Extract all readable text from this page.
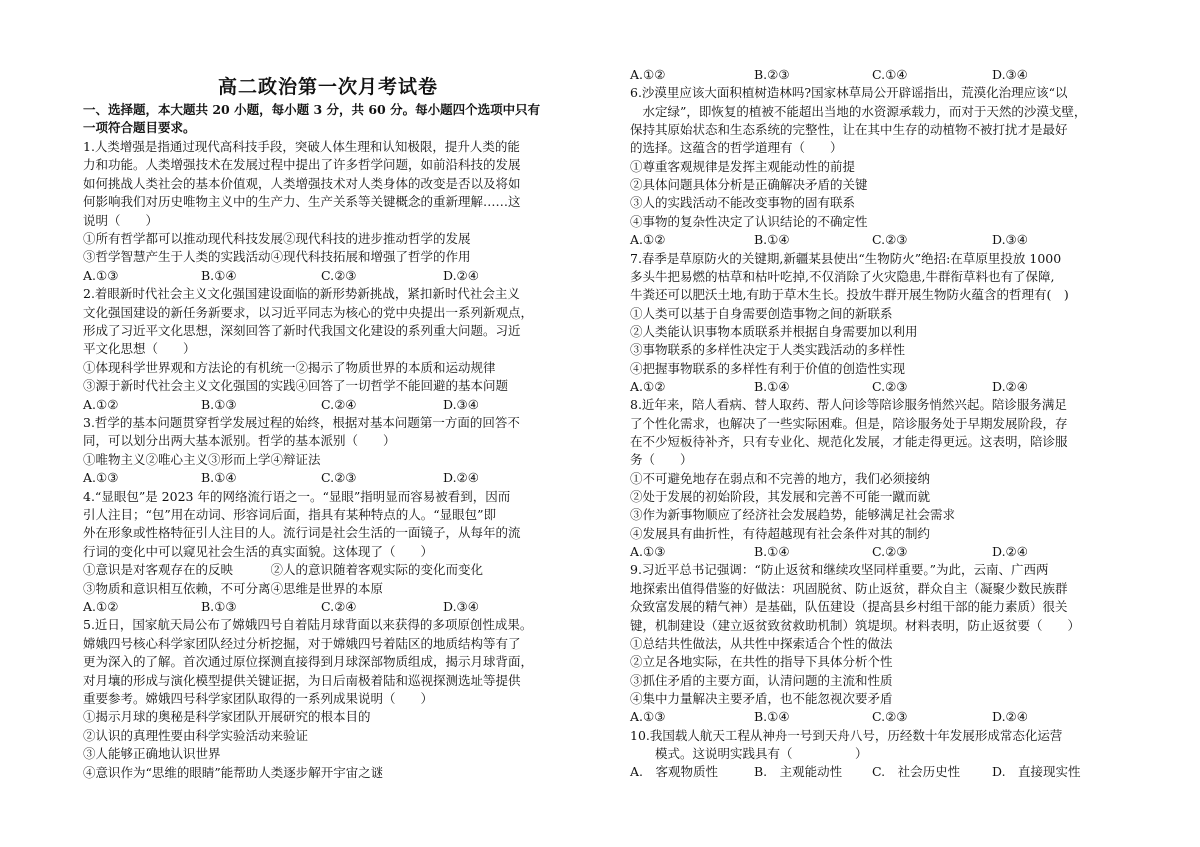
高二政治第一次月考试卷
一、选择题，本大题共 20 小题，每小题 3 分，共 60 分。每小题四个选项中只有
一项符合题目要求。
1.人类增强是指通过现代高科技手段，突破人体生理和认知极限，提升人类的能
力和功能。人类增强技术在发展过程中提出了许多哲学问题，如前沿科技的发展
如何挑战人类社会的基本价值观，人类增强技术对人类身体的改变是否以及将如
何影响我们对历史唯物主义中的生产力、生产关系等关键概念的重新理解……这
说明（　　）
①所有哲学都可以推动现代科技发展②现代科技的进步推动哲学的发展
③哲学智慧产生于人类的实践活动④现代科技拓展和增强了哲学的作用
A.①③	B.①④	C.②③	D.②④
2.着眼新时代社会主义文化强国建设面临的新形势新挑战，紧扣新时代社会主义
文化强国建设的新任务新要求，以习近平同志为核心的党中央提出一系列新观点，
形成了习近平文化思想，深刻回答了新时代我国文化建设的系列重大问题。习近
平文化思想（　　）
①体现科学世界观和方法论的有机统一②揭示了物质世界的本质和运动规律
③源于新时代社会主义文化强国的实践④回答了一切哲学不能回避的基本问题
A.①②	B.①③	C.②④	D.③④
3.哲学的基本问题贯穿哲学发展过程的始终，根据对基本问题第一方面的回答不
同，可以划分出两大基本派别。哲学的基本派别（　　）
①唯物主义②唯心主义③形而上学④辩证法
A.①③	B.①④	C.②③	D.②④
4.“显眼包”是 2023 年的网络流行语之一。“显眼”指明显而容易被看到，因而
引人注目；“包”用在动词、形容词后面，指具有某种特点的人。“显眼包”即
外在形象或性格特征引人注目的人。流行词是社会生活的一面镜子，从每年的流
行词的变化中可以窥见社会生活的真实面貌。这体现了（　　）
①意识是对客观存在的反映　　　②人的意识随着客观实际的变化而变化
③物质和意识相互依赖，不可分离④思维是世界的本原
A.①②	B.①③	C.②④	D.③④
5.近日，国家航天局公布了嫦娥四号自着陆月球背面以来获得的多项原创性成果。
嫦娥四号核心科学家团队经过分析挖掘，对于嫦娥四号着陆区的地质结构等有了
更为深入的了解。首次通过原位探测直接得到月球深部物质组成，揭示月球背面，
对月壤的形成与演化模型提供关键证据，为日后南极着陆和巡视探测选址等提供
重要参考。嫦娥四号科学家团队取得的一系列成果说明（　　）
①揭示月球的奥秘是科学家团队开展研究的根本目的
②认识的真理性要由科学实验活动来验证
③人能够正确地认识世界
④意识作为“思维的眼睛”能帮助人类逐步解开宇宙之谜
A.①②	B.②③	C.①④	D.③④
6.沙漠里应该大面积植树造林吗?国家林草局公开辟谣指出，荒漠化治理应该“以
　水定绿”，即恢复的植被不能超出当地的水资源承载力，而对于天然的沙漠戈壁，
保持其原始状态和生态系统的完整性，让在其中生存的动植物不被打扰才是最好
的选择。这蕴含的哲学道理有（　　）
①尊重客观规律是发挥主观能动性的前提
②具体问题具体分析是正确解决矛盾的关键
③人的实践活动不能改变事物的固有联系
④事物的复杂性决定了认识结论的不确定性
A.①②	B.①④	C.②③	D.③④
7.春季是草原防火的关键期,新疆某县使出“生物防火”绝招:在草原里投放 1000
多头牛把易燃的枯草和枯叶吃掉,不仅消除了火灾隐患,牛群衔草料也有了保障,
牛粪还可以肥沃土地,有助于草木生长。投放牛群开展生物防火蕴含的哲理有(　)
①人类可以基于自身需要创造事物之间的新联系
②人类能认识事物本质联系并根据自身需要加以利用
③事物联系的多样性决定于人类实践活动的多样性
④把握事物联系的多样性有利于价值的创造性实现
A.①②	B.①④	C.②③	D.②④
8.近年来，陪人看病、替人取药、帮人问诊等陪诊服务悄然兴起。陪诊服务满足
了个性化需求，也解决了一些实际困难。但是，陪诊服务处于早期发展阶段，存
在不少短板待补齐，只有专业化、规范化发展，才能走得更远。这表明，陪诊服
务（　　）
①不可避免地存在弱点和不完善的地方，我们必须接纳
②处于发展的初始阶段，其发展和完善不可能一蹴而就
③作为新事物顺应了经济社会发展趋势，能够满足社会需求
④发展具有曲折性，有待超越现有社会条件对其的制约
A.①③	B.①④	C.②③	D.②④
9.习近平总书记强调：“防止返贫和继续攻坚同样重要。”为此，云南、广西两
地探索出值得借鉴的好做法：巩固脱贫、防止返贫，群众自主（凝聚少数民族群
众致富发展的精气神）是基础，队伍建设（提高县乡村组干部的能力素质）很关
键，机制建设（建立返贫致贫救助机制）筑堤坝。材料表明，防止返贫要（　　）
①总结共性做法，从共性中探索适合个性的做法
②立足各地实际，在共性的指导下具体分析个性
③抓住矛盾的主要方面，认清问题的主流和性质
④集中力量解决主要矛盾，也不能忽视次要矛盾
A.①③	B.①④	C.②③	D.②④
10.我国载人航天工程从神舟一号到天舟八号，历经数十年发展形成常态化运营
　　模式。这说明实践具有（　　　　　）
A.　客观物质性	B.　主观能动性 C.　社会历史性	D.　直接现实性
